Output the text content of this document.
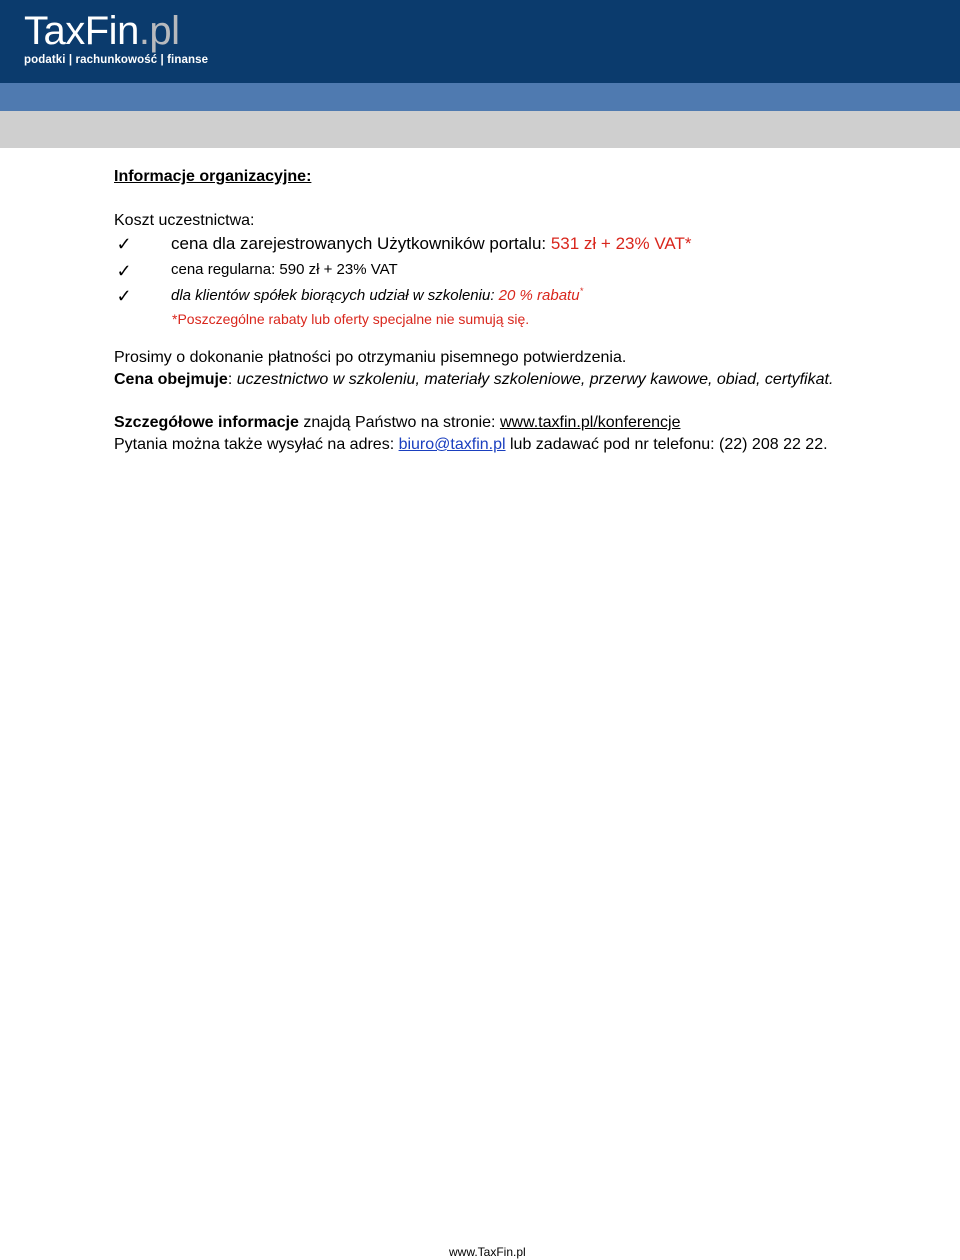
TaxFin.pl
podatki | rachunkowość | finanse
Informacje organizacyjne:
Koszt uczestnictwa:
✓ cena dla zarejestrowanych Użytkowników portalu: 531 zł + 23% VAT*
✓	cena regularna: 590 zł + 23% VAT
✓	dla klientów spółek biorących udział w szkoleniu: 20 % rabatu*
*Poszczególne rabaty lub oferty specjalne nie sumują się.
Prosimy o dokonanie płatności po otrzymaniu pisemnego potwierdzenia.
Cena obejmuje: uczestnictwo w szkoleniu, materiały szkoleniowe, przerwy kawowe, obiad, certyfikat.
Szczegółowe informacje znajdą Państwo na stronie: www.taxfin.pl/konferencje
Pytania można także wysyłać na adres: biuro@taxfin.pl lub zadawać pod nr telefonu: (22) 208 22 22.
www.TaxFin.pl
